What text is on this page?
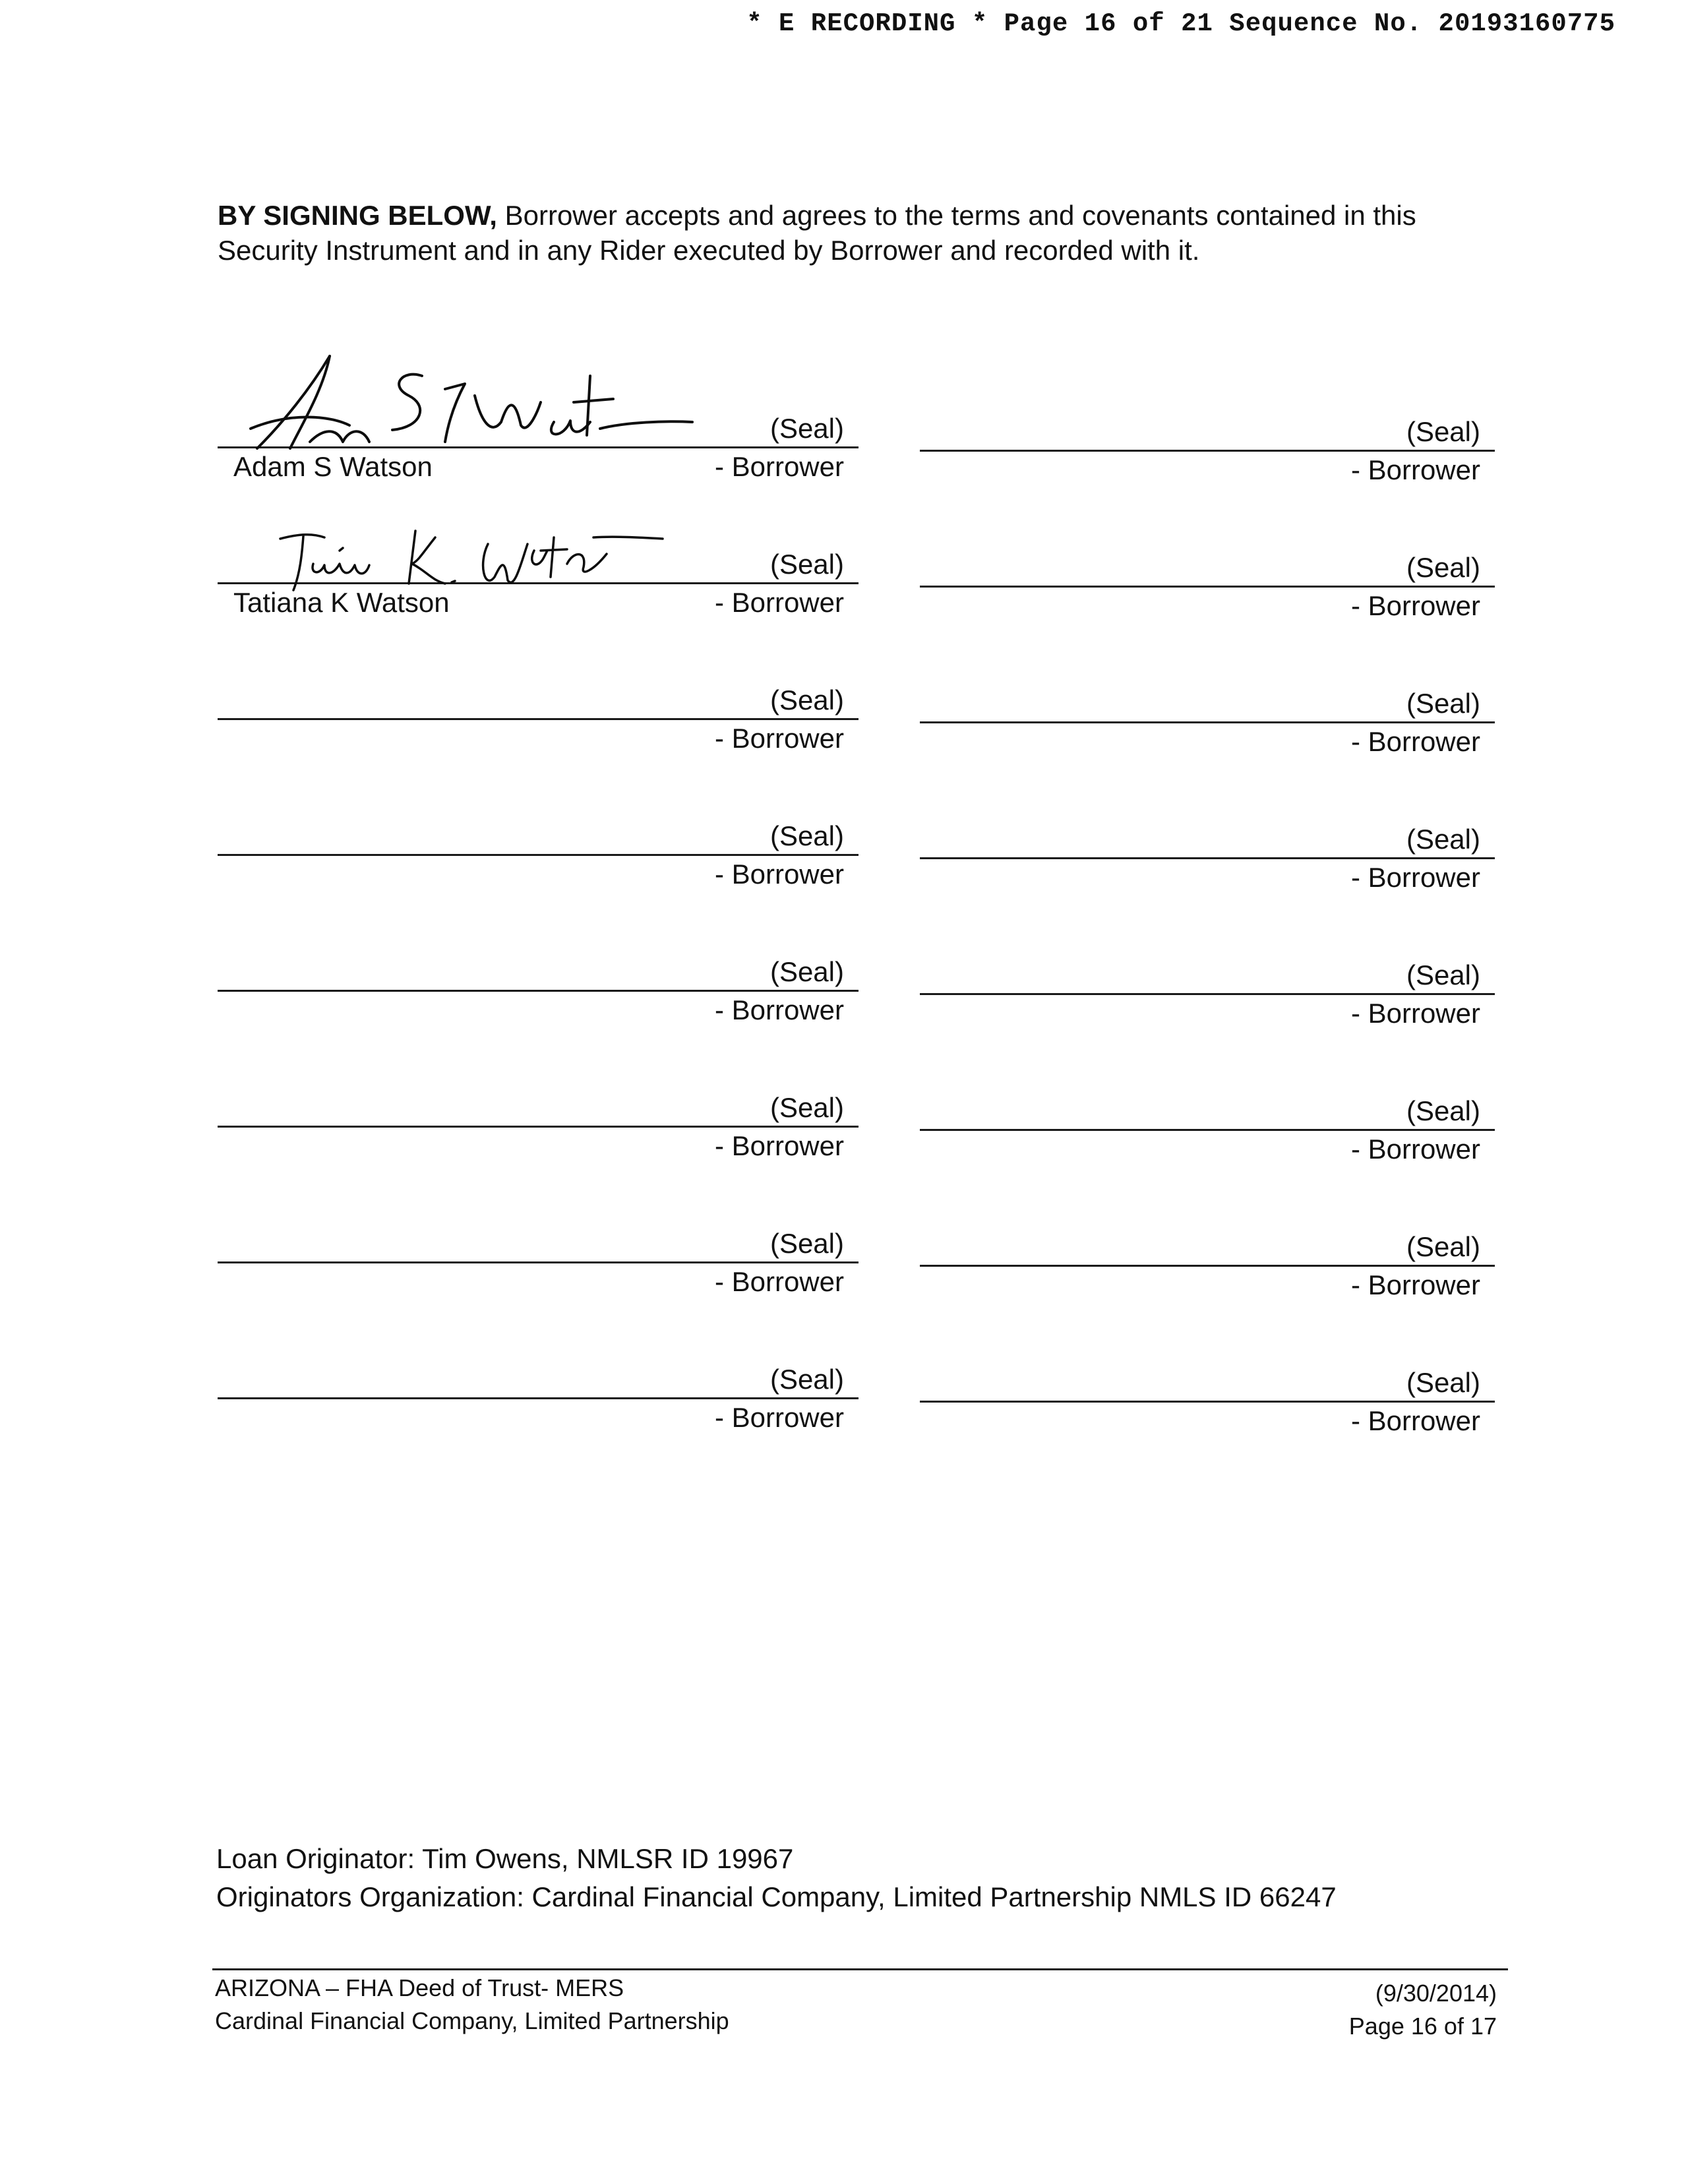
* E RECORDING * Page 16 of 21 Sequence No. 20193160775
BY SIGNING BELOW, Borrower accepts and agrees to the terms and covenants contained in this Security Instrument and in any Rider executed by Borrower and recorded with it.
(Seal)
- Borrower
Adam S Watson
(Seal)
- Borrower
(Seal)
- Borrower
Tatiana K Watson
(Seal)
- Borrower
(Seal)
- Borrower
(Seal)
- Borrower
(Seal)
- Borrower
(Seal)
- Borrower
(Seal)
- Borrower
(Seal)
- Borrower
(Seal)
- Borrower
(Seal)
- Borrower
(Seal)
- Borrower
(Seal)
- Borrower
(Seal)
- Borrower
(Seal)
- Borrower
Loan Originator: Tim Owens, NMLSR ID 19967
Originators Organization: Cardinal Financial Company, Limited Partnership NMLS ID 66247
ARIZONA – FHA Deed of Trust- MERS
Cardinal Financial Company, Limited Partnership
(9/30/2014)
Page 16 of 17
